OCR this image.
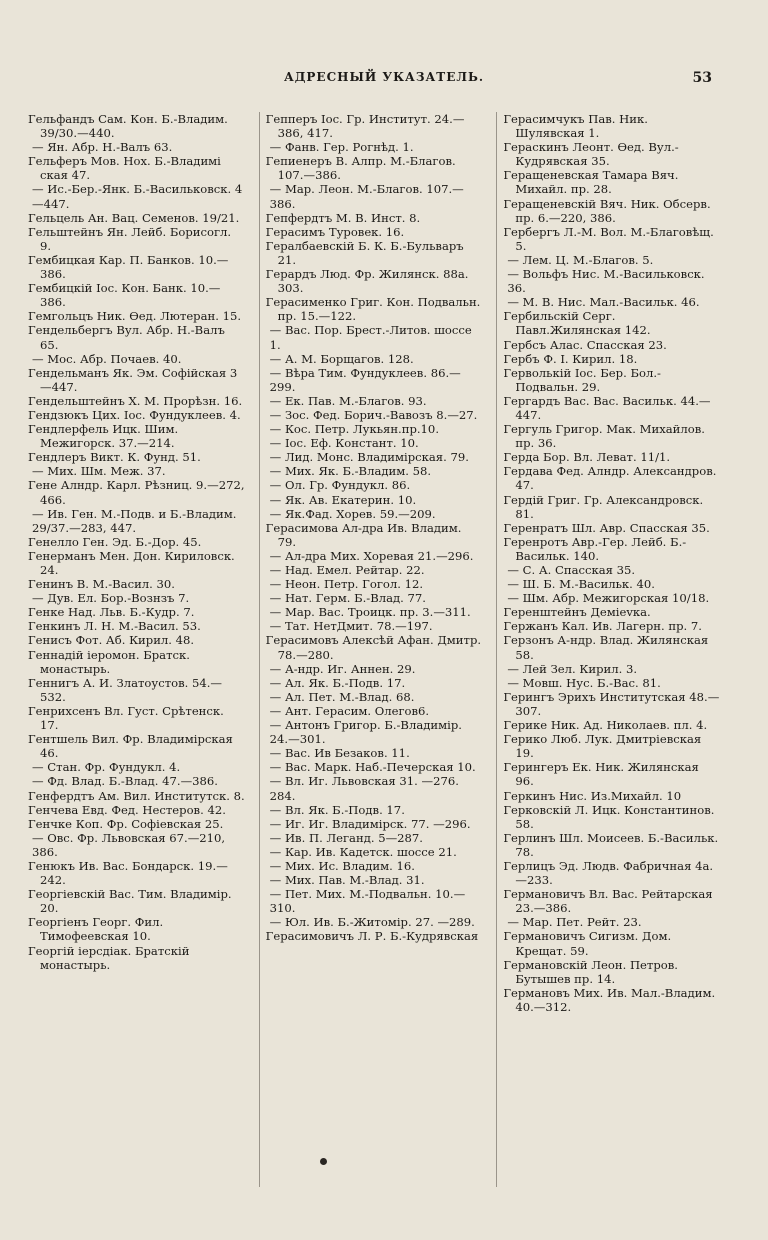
АДРЕСНЫЙ УКАЗАТЕЛЬ.	53

Гельфандъ Сам. Кон. Б.-Владим. 39/30.—440.

— Ян. Абр. Н.-Валъ 63.

Гельферъ Мов. Нох. Б.-Владимі ская 47.

— Ис.-Бер.-Янк. Б.-Васильковск. 4—447.

Гельцель Ан. Вац. Семенов. 19/21.

Гельштейнъ Ян. Лейб. Борисогл. 9.

Гембицкая Кар. П. Банков. 10.—386.

Гембицкій Іос. Кон. Банк. 10.—386.

Гемгольцъ Ник. Өед. Лютеран. 15.

Гендельбергъ Вул. Абр. Н.-Валъ 65.

— Мос. Абр. Почаев. 40.

Гендельманъ Як. Эм. Софійская 3—447.

Гендельштейнъ Х. М. Прорѣзн. 16.

Гендзюкъ Цих. Іос. Фундуклеев. 4.

Гендлерфель Ицк. Шим. Межигорск. 37.—214.

Гендлеръ Викт. К. Фунд. 51.

— Мих. Шм. Меж. 37.

Гене Алндр. Карл. Рѣзниц. 9.—272, 466.

— Ив. Ген. М.-Подв. и Б.-Владим. 29/37.—283, 447.

Генелло Ген. Эд. Б.-Дор. 45.

Генерманъ Мен. Дон. Кириловск. 24.

Генинъ В. М.-Васил. 30.

— Дув. Ел. Бор.-Вознзъ 7.

Генке Над. Льв. Б.-Кудр. 7.

Генкинъ Л. Н. М.-Васил. 53.

Генисъ Фот. Аб. Кирил. 48.

Геннадій іеромон. Братск. монастырь.

Геннигъ А. И. Златоустов. 54.—532.

Генрихсенъ Вл. Густ. Срѣтенск. 17.

Гентшель Вил. Фр. Владимірская 46.

— Стан. Фр. Фундукл. 4.

— Фд. Влад. Б.-Влад. 47.—386.

Генфердтъ Ам. Вил. Институтск. 8.

Генчева Евд. Фед. Нестеров. 42.

Генчке Коп. Фр. Софіевская 25.

— Овс. Фр. Львовская 67.—210, 386.

Генюкъ Ив. Вас. Бондарск. 19.—242.

Георгіевскій Вас. Тим. Владимір. 20.

Георгіенъ Георг. Фил. Тимофеевская 10.

Георгій іерсдіак. Братскій монастырь.

Гепперъ Іос. Гр. Институт. 24.—386, 417.

— Фанв. Гер. Рогнѣд. 1.

Гепиенеръ В. Алпр. М.-Благов. 107.—386.

— Мар. Леон. М.-Благов. 107.—386.

Гепфердтъ М. В. Инст. 8.

Герасимъ Туровек. 16.

Гералбаевскій Б. К. Б.-Бульваръ 21.

Герардъ Люд. Фр. Жилянск. 88а. 303.

Герасименко Григ. Кон. Подвальн. пр. 15.—122.

— Вас. Пор. Брест.-Литов. шоссе 1.

— А. М. Борщагов. 128.

— Вѣра Тим. Фундуклеев. 86.—299.

— Ек. Пав. М.-Благов. 93.

— Зос. Фед. Борич.-Вавозъ 8.—27.

— Кос. Петр. Лукьян.пр.10.

— Іос. Еф. Констант. 10.

— Лид. Монс. Владимірская. 79.

— Мих. Як. Б.-Владим. 58.

— Ол. Гр. Фундукл. 86.

— Як. Ав. Екатерин. 10.

— Як.Фад. Хорев. 59.—209.

Герасимова Ал-дра Ив. Владим. 79.

— Ал-дра Мих. Хоревая 21.—296.

— Над. Емел. Рейтар. 22.

— Неон. Петр. Гогол. 12.

— Нат. Герм. Б.-Влад. 77.

— Мар. Вас. Троицк. пр. 3.—311.

— Тат. НетДмит. 78.—197.

Герасимовъ Алексѣй Афан. Дмитр. 78.—280.

— А-ндр. Иг. Аннен. 29.

— Ал. Як. Б.-Подв. 17.

— Ал. Пет. М.-Влад. 68.

— Ант. Герасим. Олегов6.

— Антонъ Григор. Б.-Владимір. 24.—301.

— Вас. Ив Безаков. 11.

— Вас. Марк. Наб.-Печерская 10.

— Вл. Иг. Львовская 31. —276. 284.

— Вл. Як. Б.-Подв. 17.

— Иг. Иг. Владимірск. 77. —296.

— Ив. П. Леганд. 5—287.

— Кар. Ив. Кадетск. шоссе 21.

— Мих. Ис. Владим. 16.

— Мих. Пав. М.-Влад. 31.

— Пет. Мих. М.-Подвальн. 10.—310.

— Юл. Ив. Б.-Житомір. 27. —289.

Герасимовичъ Л. Р. Б.-Кудрявская

Герасимчукъ Пав. Ник. Шулявская 1.

Гераскинъ Леонт. Өед. Вул.-Кудрявская 35.

Геращеневская Тамара Вяч. Михайл. пр. 28.

Геращеневскій Вяч. Ник. Обсерв. пр. 6.—220, 386.

Гербергъ Л.-М. Вол. М.-Благовѣщ. 5.

— Лем. Ц. М.-Благов. 5.

— Вольфъ Нис. М.-Васильковск. 36.

— М. В. Нис. Мал.-Васильк. 46.

Гербильскій Серг. Павл.Жилянская 142.

Гербсъ Алас. Спасская 23.

Гербъ Ф. І. Кирил. 18.

Герволькій Іос. Бер. Бол.-Подвальн. 29.

Гергардъ Вас. Вас. Васильк. 44.—447.

Гергуль Григор. Мак. Михайлов. пр. 36.

Герда Бор. Вл. Леват. 11/1.

Гердава Фед. Алндр. Александров. 47.

Гердій Григ. Гр. Александровск. 81.

Геренратъ Шл. Авр. Спасская 35.

Геренротъ Авр.-Гер. Лейб. Б.-Васильк. 140.

— С. А. Спасская 35.

— Ш. Б. М.-Васильк. 40.

— Шм. Абр. Межигорская 10/18.

Геренштейнъ Демievка.

Гержанъ Кал. Ив. Лагерн. пр. 7.

Герзонъ А-ндр. Влад. Жилянская 58.

— Лей Зел. Кирил. 3.

— Мовш. Нус. Б.-Вас. 81.

Герингъ Эрихъ Институтская 48.—307.

Герике Ник. Ад. Николаев. пл. 4.

Герико Люб. Лук. Дмитріевская 19.

Герингеръ Ек. Ник. Жилянская 96.

Геркинъ Нис. Из.Михайл. 10

Герковскій Л. Ицк. Константинов. 58.

Герлинъ Шл. Моисеев. Б.-Васильк. 78.

Герлицъ Эд. Людв. Фабричная 4а.—233.

Германовичъ Вл. Вас. Рейтарская 23.—386.

— Мар. Пет. Рейт. 23.

Германовичъ Сигизм. Дом. Крещат. 59.

Германовскій Леон. Петров. Бутышев пр. 14.

Германовъ Мих. Ив. Мал.-Владим. 40.—312.
